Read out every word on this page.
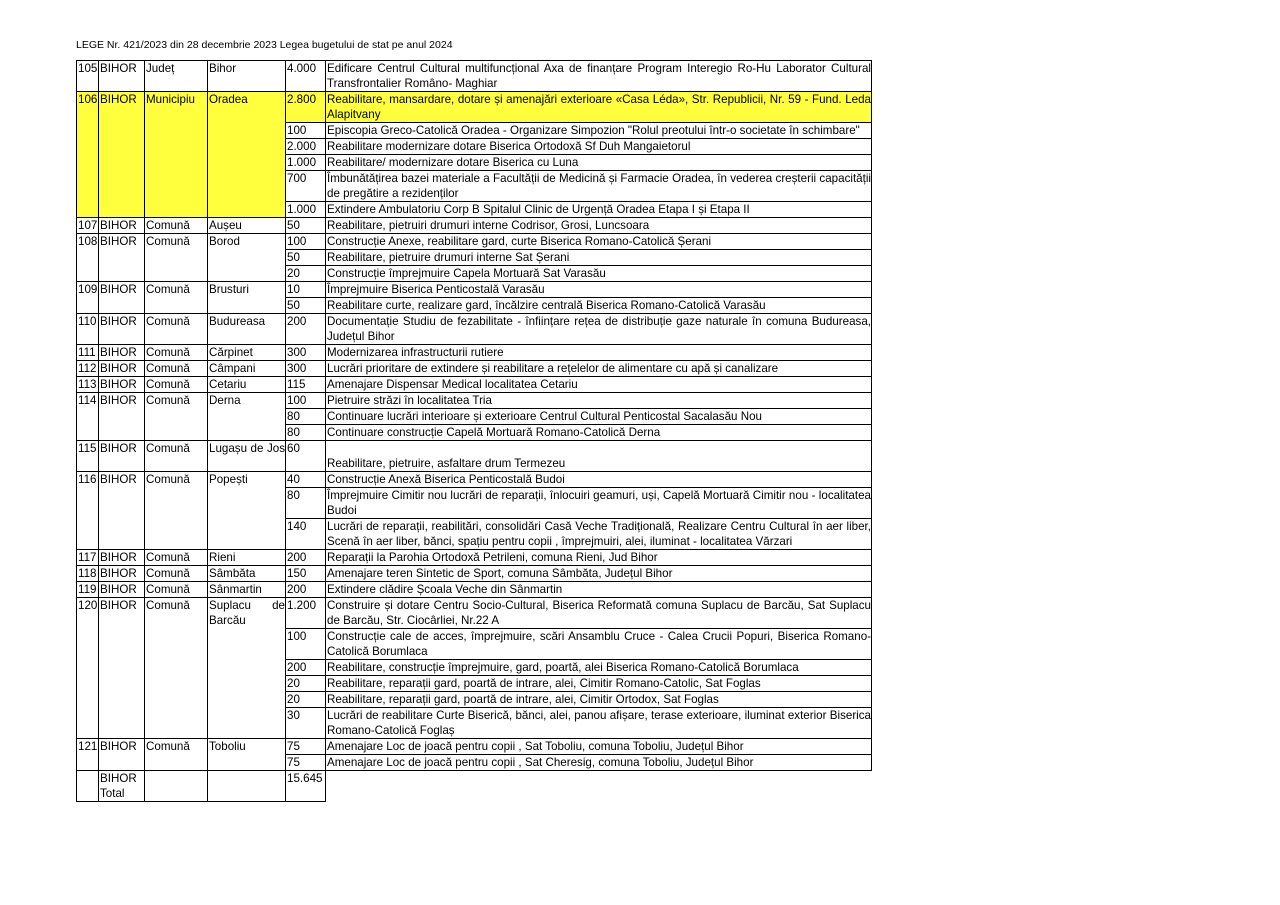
LEGE Nr. 421/2023 din 28 decembrie 2023 Legea bugetului de stat pe anul 2024
105	BIHOR	Județ	Bihor	4.000	Edificare Centrul Cultural multifuncțional Axa de finanțare Program Interegio Ro-Hu Laborator Cultural Transfrontalier Româno- Maghiar
106	BIHOR	Municipiu	Oradea	2.800	Reabilitare, mansardare, dotare și amenajări exterioare «Casa Léda», Str. Republicii, Nr. 59 - Fund. Leda Alapitvany
				100	Episcopia Greco-Catolică Oradea - Organizare Simpozion "Rolul preotului într-o societate în schimbare"
				2.000	Reabilitare modernizare dotare Biserica Ortodoxă Sf Duh Mangaietorul
				1.000	Reabilitare/ modernizare dotare Biserica cu Luna
				700	Îmbunătățirea bazei materiale a Facultății de Medicină și Farmacie Oradea, în vederea creșterii capacității de pregătire a rezidenților
				1.000	Extindere Ambulatoriu Corp B Spitalul Clinic de Urgență Oradea Etapa I și Etapa II
107	BIHOR	Comună	Aușeu	50	Reabilitare, pietruiri drumuri interne Codrisor, Grosi, Luncsoara
108	BIHOR	Comună	Borod	100	Construcție Anexe, reabilitare gard, curte Biserica Romano-Catolică Șerani
				50	Reabilitare, pietruire drumuri interne Sat Șerani
				20	Construcție împrejmuire Capela Mortuară Sat Varasău
109	BIHOR	Comună	Brusturi	10	Împrejmuire Biserica Penticostală Varasău
				50	Reabilitare curte, realizare gard, încălzire centrală Biserica Romano-Catolică Varasău
110	BIHOR	Comună	Budureasa	200	Documentație Studiu de fezabilitate - înființare rețea de distribuție gaze naturale în comuna Budureasa, Județul Bihor
111	BIHOR	Comună	Cărpinet	300	Modernizarea infrastructurii rutiere
112	BIHOR	Comună	Câmpani	300	Lucrări prioritare de extindere și reabilitare a rețelelor de alimentare cu apă și canalizare
113	BIHOR	Comună	Cetariu	115	Amenajare Dispensar Medical localitatea Cetariu
114	BIHOR	Comună	Derna	100	Pietruire străzi în localitatea Tria
				80	Continuare lucrări interioare și exterioare Centrul Cultural Penticostal Sacalasău Nou
				80	Continuare construcție Capelă Mortuară Romano-Catolică Derna
115	BIHOR	Comună	Lugașu de Jos	60	Reabilitare, pietruire, asfaltare drum Termezeu
116	BIHOR	Comună	Popești	40	Construcție Anexă Biserica Penticostală Budoi
				80	Împrejmuire Cimitir nou lucrări de reparații, înlocuiri geamuri, uși, Capelă Mortuară Cimitir nou - localitatea Budoi
				140	Lucrări de reparații, reabilitări, consolidări Casă Veche Tradițională, Realizare Centru Cultural în aer liber, Scenă în aer liber, bănci, spațiu pentru copii , împrejmuiri, alei, iluminat - localitatea Vărzari
117	BIHOR	Comună	Rieni	200	Reparații la Parohia Ortodoxă Petrileni, comuna Rieni, Jud Bihor
118	BIHOR	Comună	Sâmbăta	150	Amenajare teren Sintetic de Sport, comuna Sâmbăta, Județul Bihor
119	BIHOR	Comună	Sânmartin	200	Extindere clădire Școala Veche din Sânmartin
120	BIHOR	Comună	Suplacu de Barcău	1.200	Construire și dotare Centru Socio-Cultural, Biserica Reformată comuna Suplacu de Barcău, Sat Suplacu de Barcău, Str. Ciocârliei, Nr.22 A
				100	Construcție cale de acces, împrejmuire, scări Ansamblu Cruce - Calea Crucii Popuri, Biserica Romano-Catolică Borumlaca
				200	Reabilitare, construcție împrejmuire, gard, poartă, alei Biserica Romano-Catolică Borumlaca
				20	Reabilitare, reparații gard, poartă de intrare, alei, Cimitir Romano-Catolic, Sat Foglas
				20	Reabilitare, reparații gard, poartă de intrare, alei, Cimitir Ortodox, Sat Foglas
				30	Lucrări de reabilitare Curte Biserică, bănci, alei, panou afișare, terase exterioare, iluminat exterior Biserica Romano-Catolică Foglaș
121	BIHOR	Comună	Toboliu	75	Amenajare Loc de joacă pentru copii , Sat Toboliu, comuna Toboliu, Județul Bihor
				75	Amenajare Loc de joacă pentru copii , Sat Cheresig, comuna Toboliu, Județul Bihor
	BIHOR Total			15.645	
